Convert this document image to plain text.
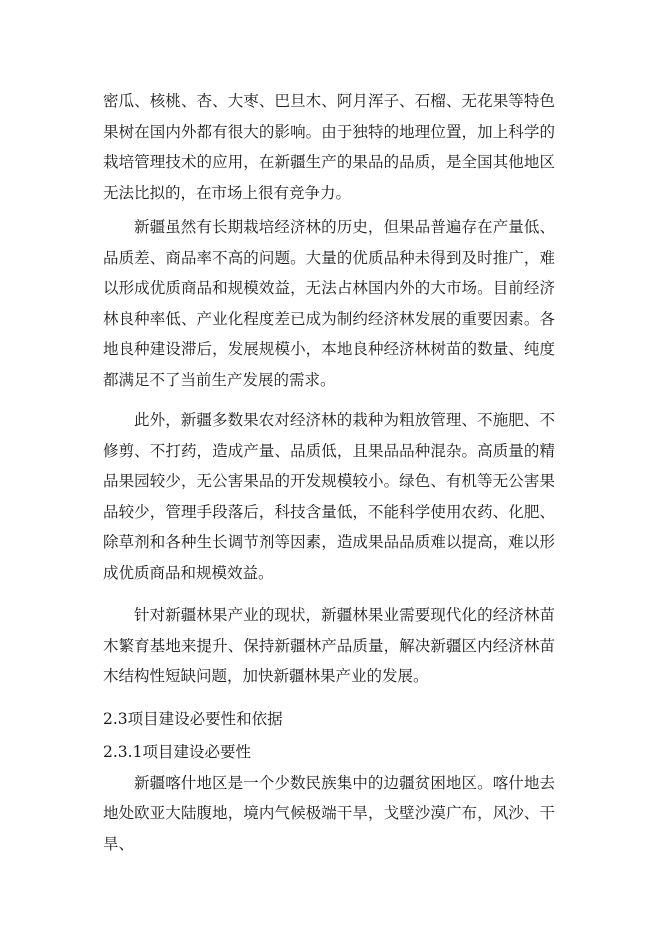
密瓜、核桃、杏、大枣、巴旦木、阿月浑子、石榴、无花果等特色果树在国内外都有很大的影响。由于独特的地理位置，加上科学的栽培管理技术的应用，在新疆生产的果品的品质，是全国其他地区无法比拟的，在市场上很有竞争力。

新疆虽然有长期栽培经济林的历史，但果品普遍存在产量低、品质差、商品率不高的问题。大量的优质品种未得到及时推广，难以形成优质商品和规模效益，无法占林国内外的大市场。目前经济林良种率低、产业化程度差已成为制约经济林发展的重要因素。各地良种建设滞后，发展规模小，本地良种经济林树苗的数量、纯度都满足不了当前生产发展的需求。

此外，新疆多数果农对经济林的栽种为粗放管理、不施肥、不修剪、不打药，造成产量、品质低，且果品品种混杂。高质量的精品果园较少，无公害果品的开发规模较小。绿色、有机等无公害果品较少，管理手段落后，科技含量低，不能科学使用农药、化肥、除草剂和各种生长调节剂等因素，造成果品品质难以提高，难以形成优质商品和规模效益。

针对新疆林果产业的现状，新疆林果业需要现代化的经济林苗木繁育基地来提升、保持新疆林产品质量，解决新疆区内经济林苗木结构性短缺问题，加快新疆林果产业的发展。

2.3项目建设必要性和依据
2.3.1项目建设必要性

新疆喀什地区是一个少数民族集中的边疆贫困地区。喀什地去地处欧亚大陆腹地，境内气候极端干旱，戈壁沙漠广布，风沙、干旱、
